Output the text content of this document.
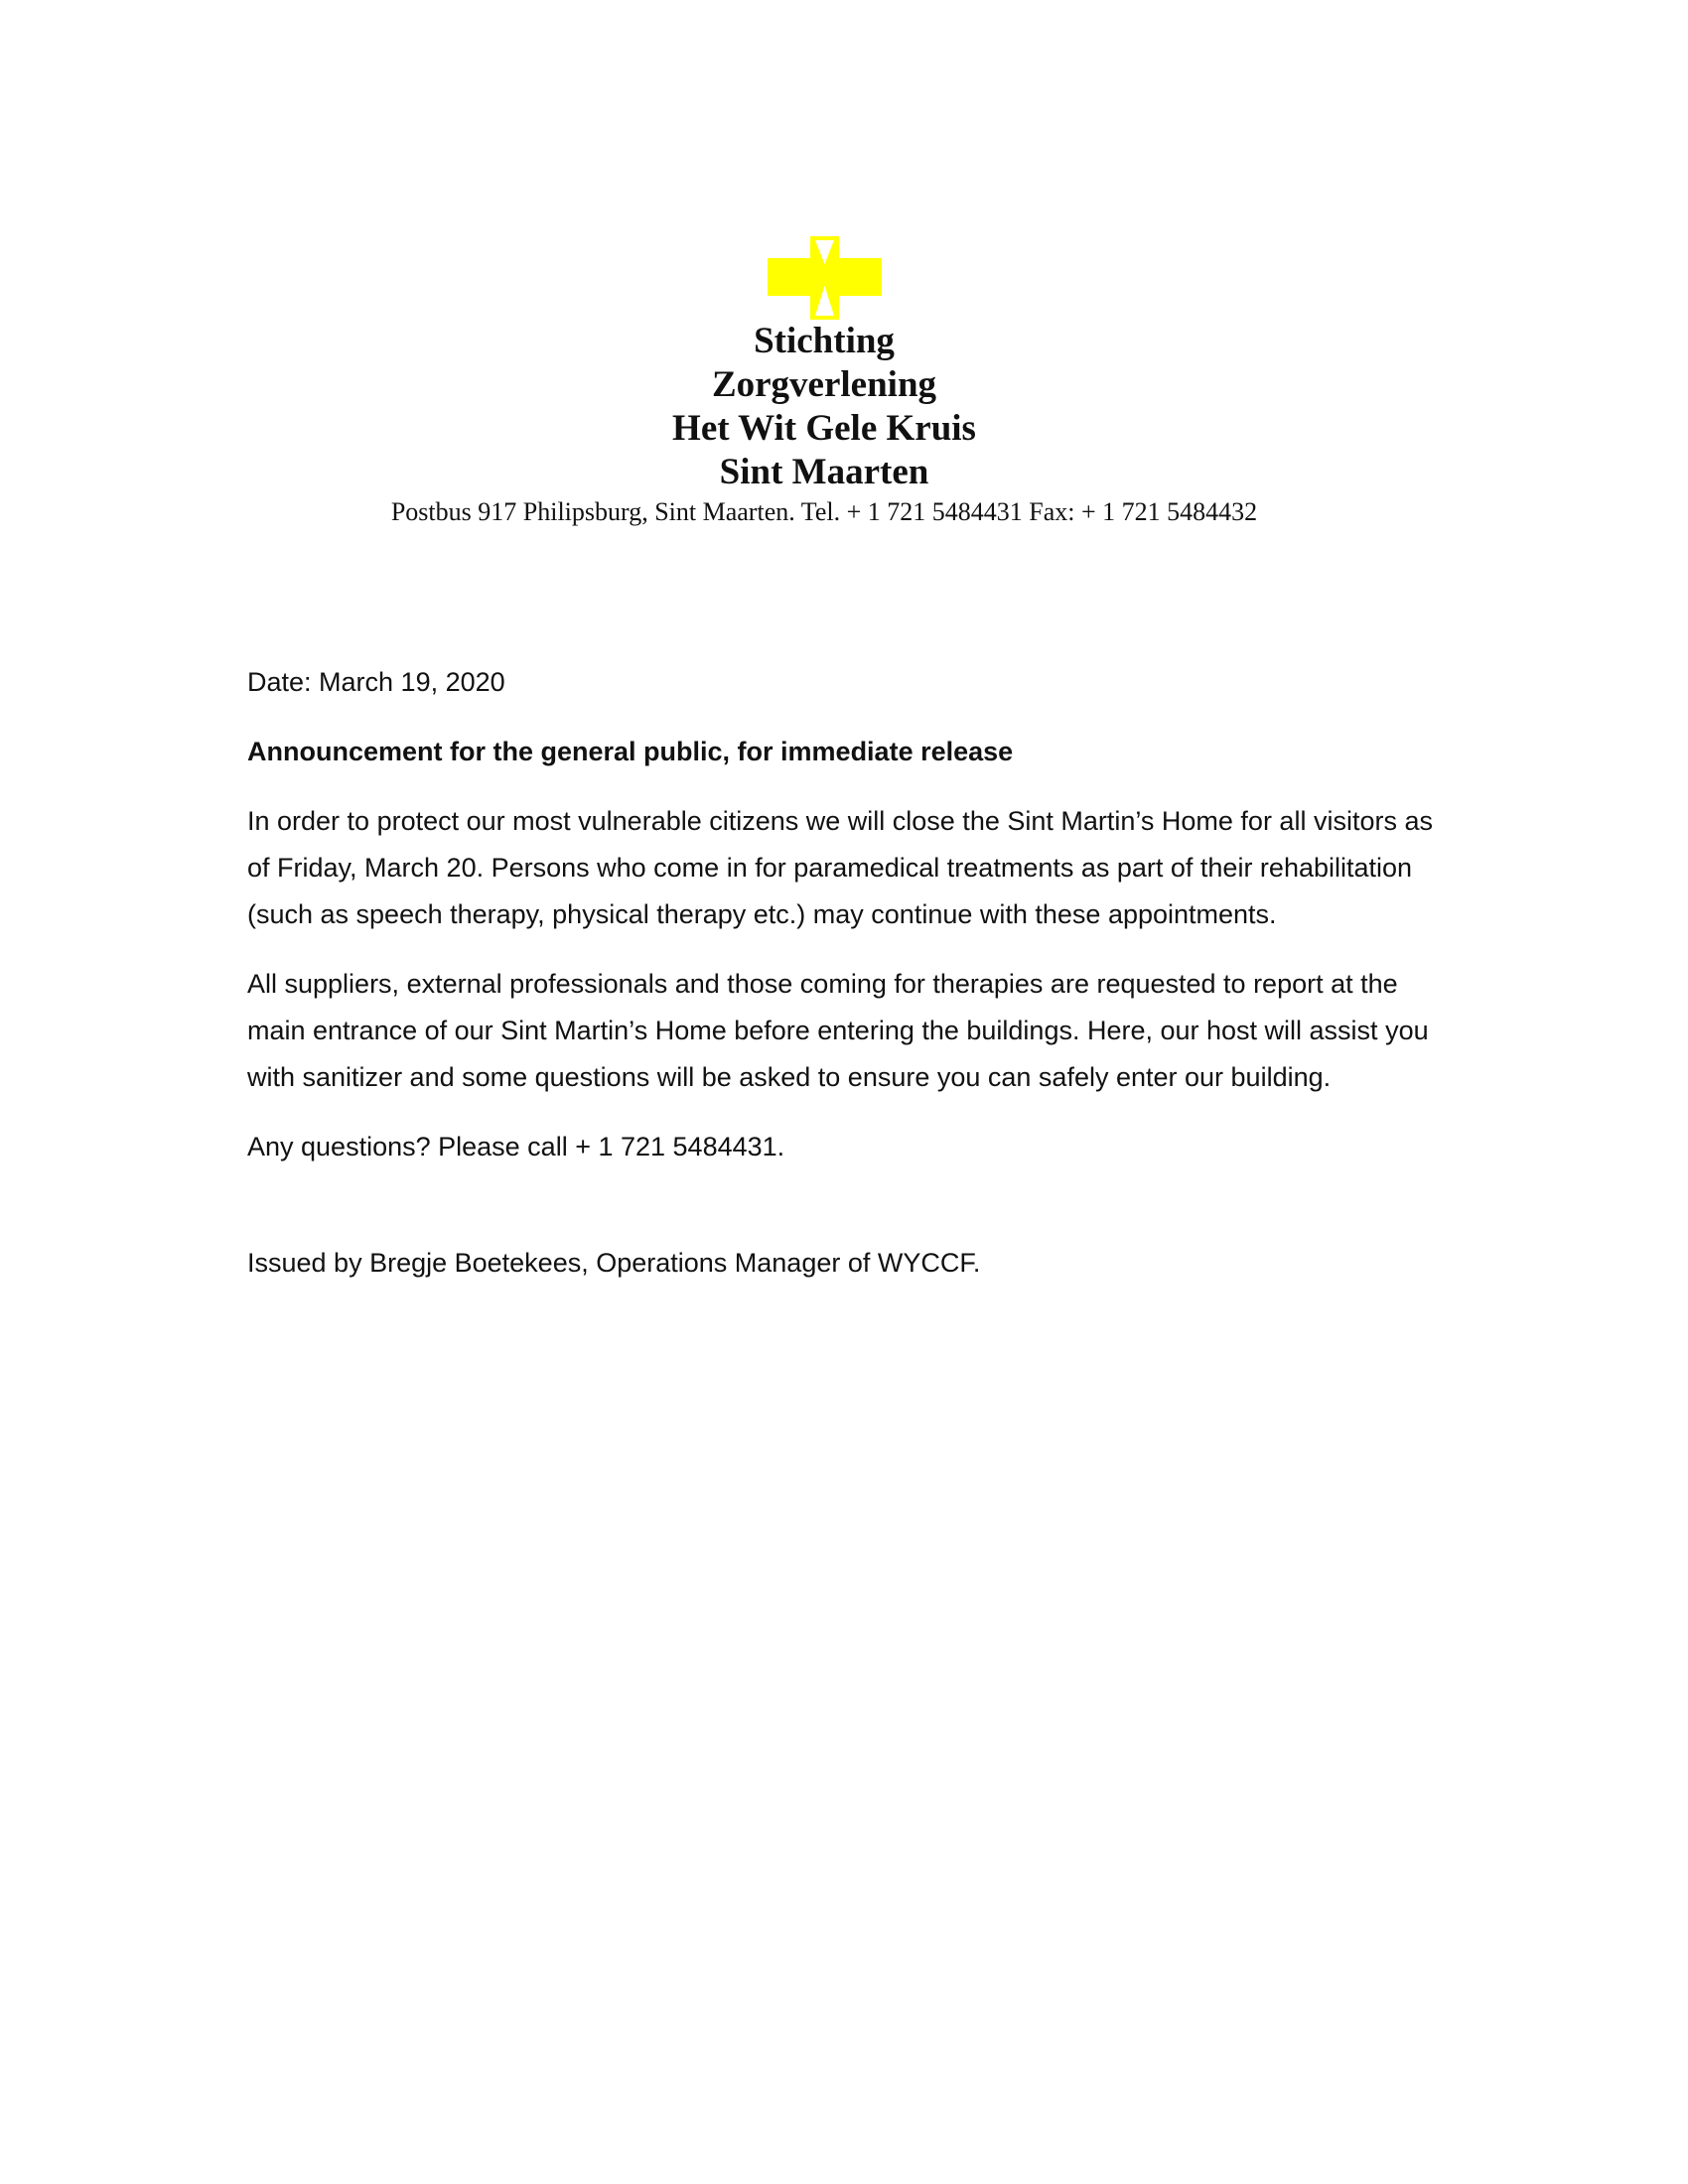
Stichting

Zorgverlening

Het Wit Gele Kruis

Sint Maarten

Postbus 917 Philipsburg, Sint Maarten. Tel. + 1 721 5484431 Fax: + 1 721 5484432

Date: March 19, 2020

Announcement for the general public, for immediate release

In order to protect our most vulnerable citizens we will close the Sint Martin’s Home for all visitors as of Friday, March 20. Persons who come in for paramedical treatments as part of their rehabilitation (such as speech therapy, physical therapy etc.) may continue with these appointments.

All suppliers, external professionals and those coming for therapies are requested to report at the main entrance of our Sint Martin’s Home before entering the buildings. Here, our host will assist you with sanitizer and some questions will be asked to ensure you can safely enter our building.

Any questions? Please call + 1 721 5484431.

Issued by Bregje Boetekees, Operations Manager of WYCCF.
